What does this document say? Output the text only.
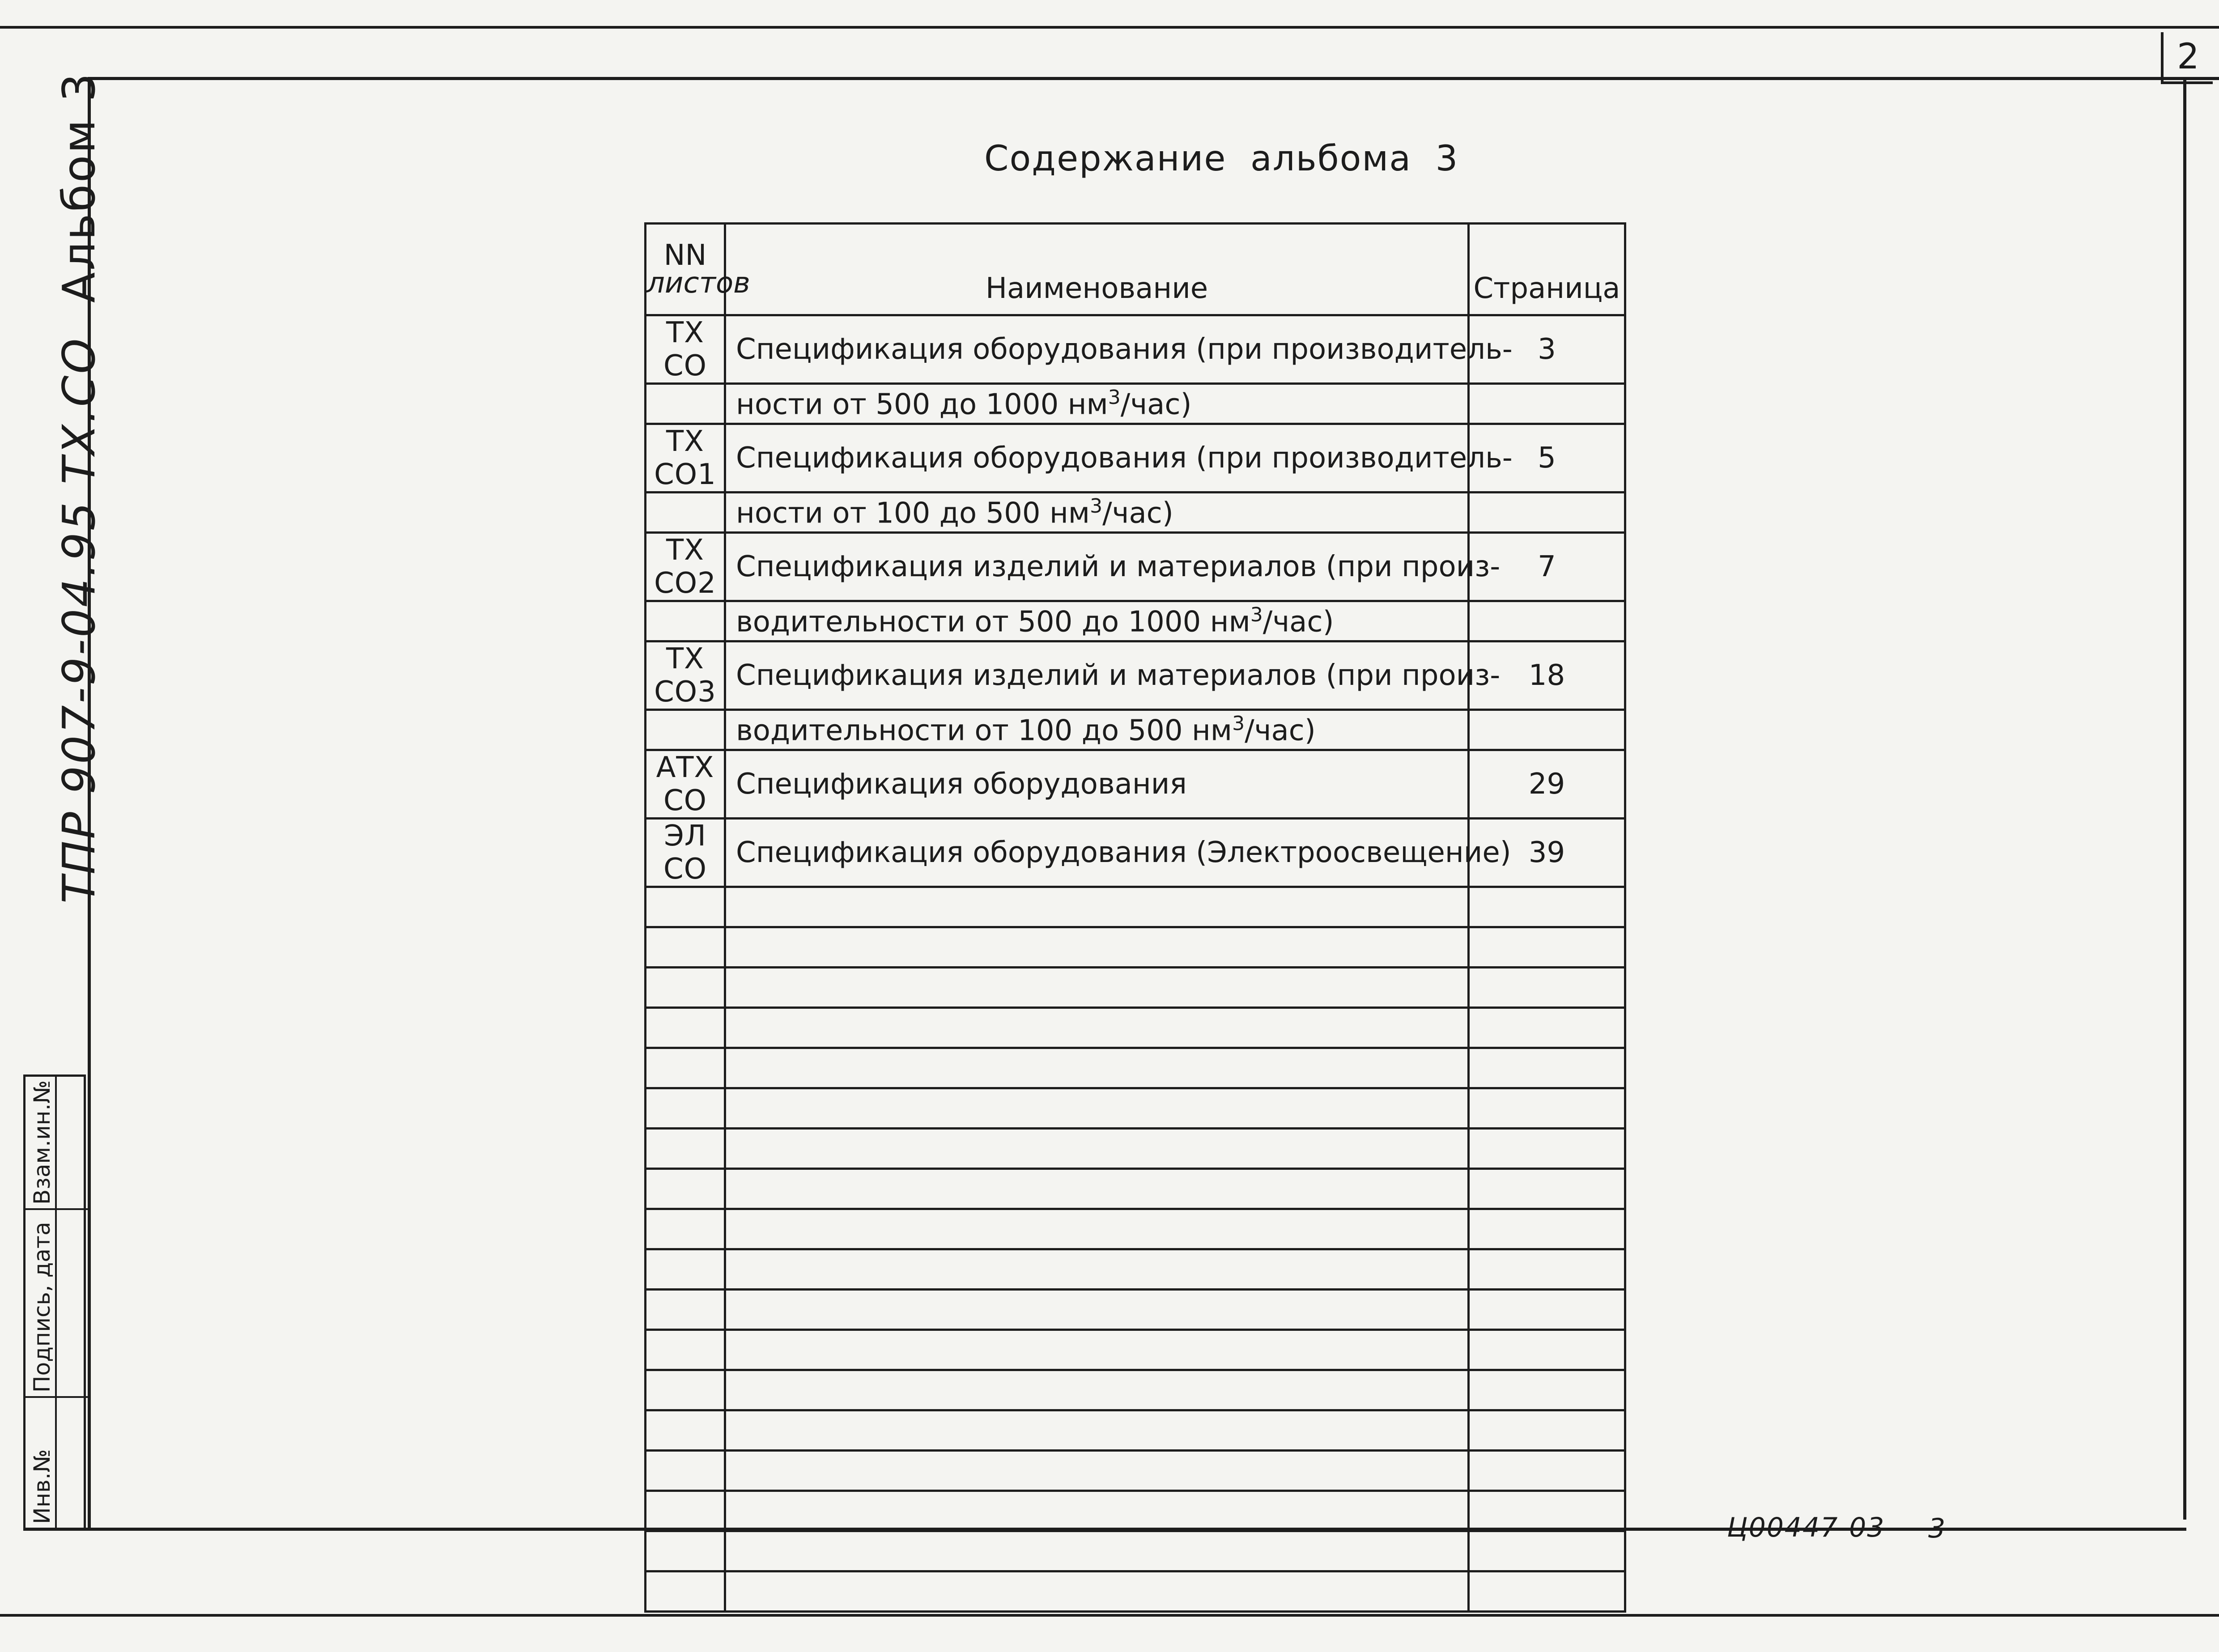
2
ТПР 907-9-04.95 ТХ.СО Альбом 3	Содержание  альбома  3
NN
листов	Наименование	Страница
ТХ СО	Спецификация оборудования (при производитель-	3
	ности от 500 до 1000 $нм^3/час$)	
ТХ СО1	Спецификация оборудования (при производитель-	5
	ности от 100 до 500 $нм^3/час$)	
ТХ СО2	Спецификация изделий и материалов (при произ-	7
	водительности от 500 до 1000 $нм^3/час$)	
ТХ СО3	Спецификация изделий и материалов (при произ-	18
	водительности от 100 до 500 $нм^3/час$)	
АТХ СО	Спецификация оборудования	29
ЭЛ СО	Спецификация оборудования (Электроосвещение)	39

Взам.ин.№
Подпись, дата
Инв.№
Ц00447-03 3
